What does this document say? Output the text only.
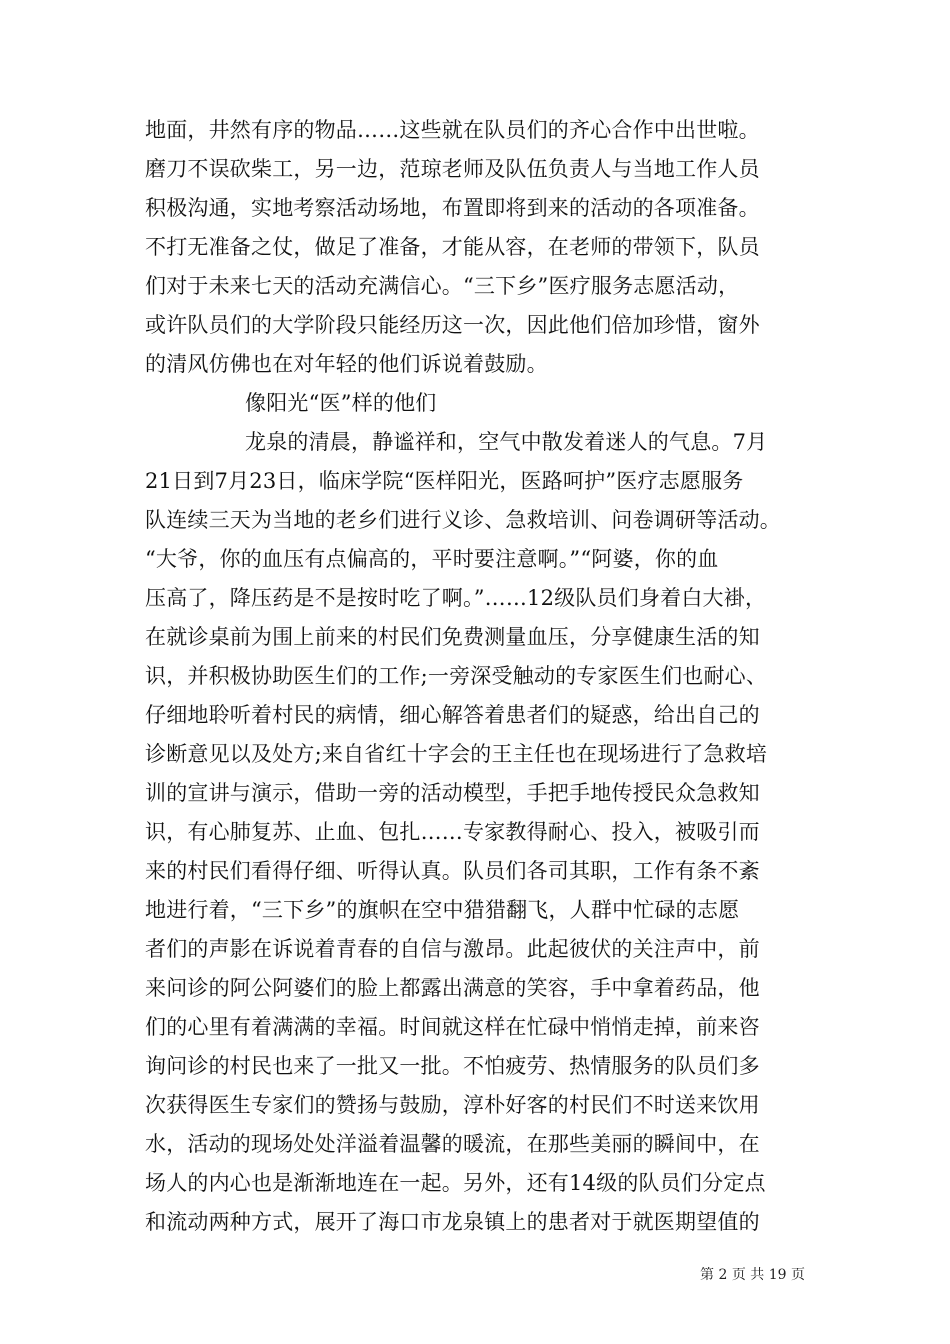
地面，井然有序的物品……这些就在队员们的齐心合作中出世啦。
磨刀不误砍柴工，另一边，范琼老师及队伍负责人与当地工作人员
积极沟通，实地考察活动场地，布置即将到来的活动的各项准备。
不打无准备之仗，做足了准备，才能从容，在老师的带领下，队员
们对于未来七天的活动充满信心。“三下乡”医疗服务志愿活动，
或许队员们的大学阶段只能经历这一次，因此他们倍加珍惜，窗外
的清风仿佛也在对年轻的他们诉说着鼓励。
像阳光“医”样的他们
龙泉的清晨，静谧祥和，空气中散发着迷人的气息。7月
21日到7月23日，临床学院“医样阳光，医路呵护”医疗志愿服务
队连续三天为当地的老乡们进行义诊、急救培训、问卷调研等活动。
“大爷，你的血压有点偏高的，平时要注意啊。”“阿婆，你的血
压高了，降压药是不是按时吃了啊。”……12级队员们身着白大褂，
在就诊桌前为围上前来的村民们免费测量血压，分享健康生活的知
识，并积极协助医生们的工作;一旁深受触动的专家医生们也耐心、
仔细地聆听着村民的病情，细心解答着患者们的疑惑，给出自己的
诊断意见以及处方;来自省红十字会的王主任也在现场进行了急救培
训的宣讲与演示，借助一旁的活动模型，手把手地传授民众急救知
识，有心肺复苏、止血、包扎……专家教得耐心、投入，被吸引而
来的村民们看得仔细、听得认真。队员们各司其职，工作有条不紊
地进行着，“三下乡”的旗帜在空中猎猎翻飞，人群中忙碌的志愿
者们的声影在诉说着青春的自信与激昂。此起彼伏的关注声中，前
来问诊的阿公阿婆们的脸上都露出满意的笑容，手中拿着药品，他
们的心里有着满满的幸福。时间就这样在忙碌中悄悄走掉，前来咨
询问诊的村民也来了一批又一批。不怕疲劳、热情服务的队员们多
次获得医生专家们的赞扬与鼓励，淳朴好客的村民们不时送来饮用
水，活动的现场处处洋溢着温馨的暖流，在那些美丽的瞬间中，在
场人的内心也是渐渐地连在一起。另外，还有14级的队员们分定点
和流动两种方式，展开了海口市龙泉镇上的患者对于就医期望值的
第 2 页 共 19 页
